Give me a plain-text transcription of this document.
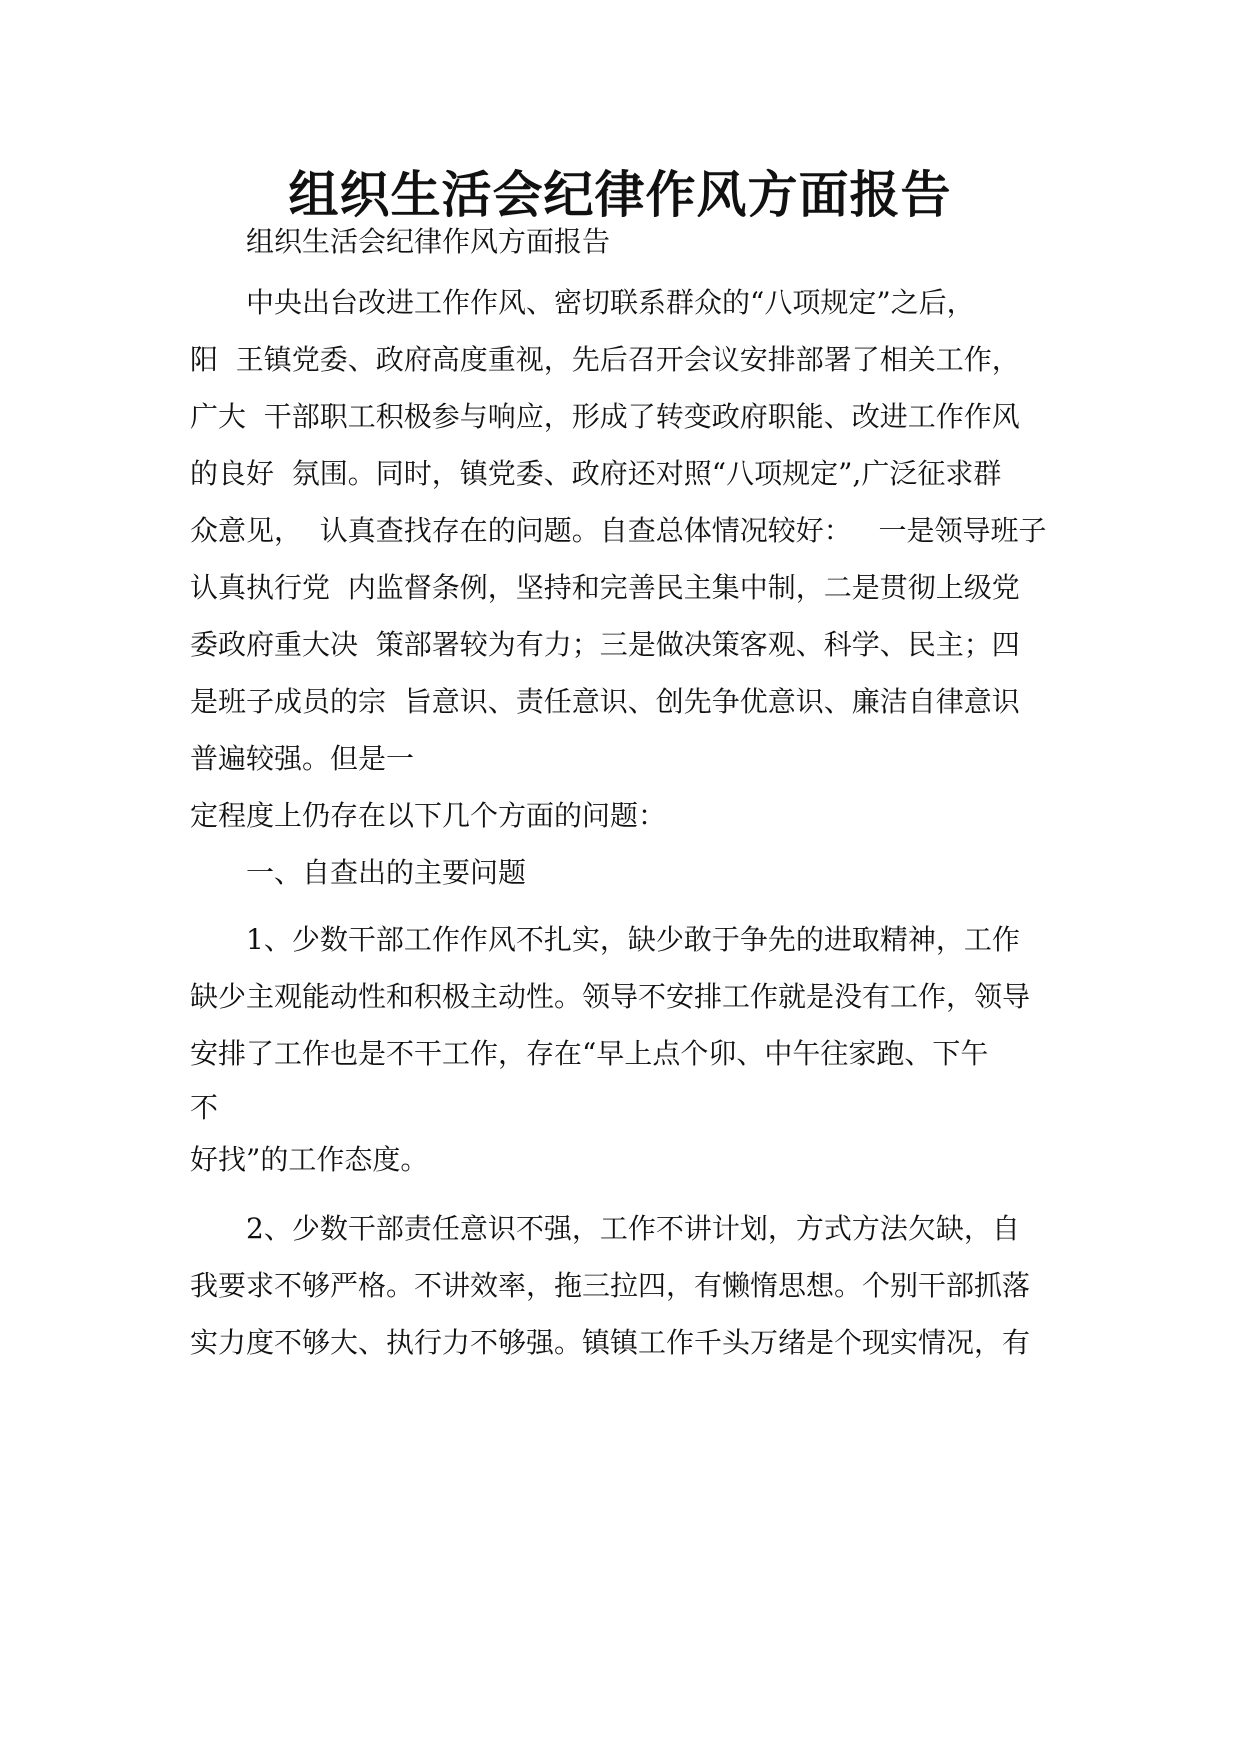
组织生活会纪律作风方面报告

组织生活会纪律作风方面报告

中央出台改进工作作风、密切联系群众的“八项规定”之后，

阳  王镇党委、政府高度重视，先后召开会议安排部署了相关工作，

广大  干部职工积极参与响应，形成了转变政府职能、改进工作作风

的良好  氛围。同时，镇党委、政府还对照“八项规定”,广泛征求群

众意见，  认真查找存在的问题。自查总体情况较好：   一是领导班子

认真执行党  内监督条例，坚持和完善民主集中制，二是贯彻上级党

委政府重大决  策部署较为有力；三是做决策客观、科学、民主；四

是班子成员的宗  旨意识、责任意识、创先争优意识、廉洁自律意识

普遍较强。但是一

定程度上仍存在以下几个方面的问题：

一、自查出的主要问题

1、少数干部工作作风不扎实，缺少敢于争先的进取精神，工作

缺少主观能动性和积极主动性。领导不安排工作就是没有工作，领导

安排了工作也是不干工作，存在“早上点个卯、中午往家跑、下午

不

好找”的工作态度。

2、少数干部责任意识不强，工作不讲计划，方式方法欠缺，自

我要求不够严格。不讲效率，拖三拉四，有懒惰思想。个别干部抓落

实力度不够大、执行力不够强。镇镇工作千头万绪是个现实情况，有
